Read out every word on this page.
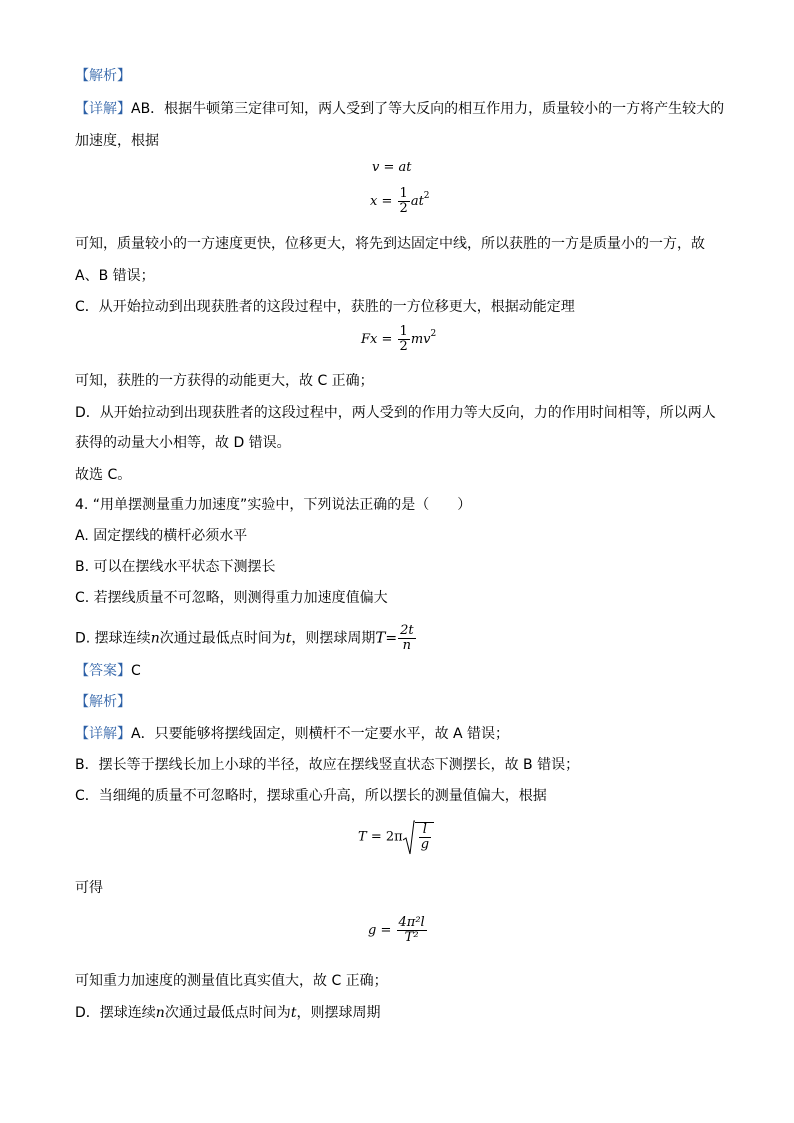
【解析】
【详解】AB．根据牛顿第三定律可知，两人受到了等大反向的相互作用力，质量较小的一方将产生较大的
加速度，根据
v = at
$x = \frac{1}{2} at^2$
可知，质量较小的一方速度更快，位移更大，将先到达固定中线，所以获胜的一方是质量小的一方，故
A、B 错误；
C．从开始拉动到出现获胜者的这段过程中，获胜的一方位移更大，根据动能定理
$Fx = \frac{1}{2} mv^2$
可知，获胜的一方获得的动能更大，故 C 正确；
D．从开始拉动到出现获胜者的这段过程中，两人受到的作用力等大反向，力的作用时间相等，所以两人
获得的动量大小相等，故 D 错误。
故选 C。
4. “用单摆测量重力加速度”实验中，下列说法正确的是（　　）
A. 固定摆线的横杆必须水平
B. 可以在摆线水平状态下测摆长
C. 若摆线质量不可忽略，则测得重力加速度值偏大
D. 摆球连续n次通过最低点时间为t，则摆球周期$T= \frac{2t}{n}$
【答案】C
【解析】
【详解】A．只要能够将摆线固定，则横杆不一定要水平，故 A 错误；
B．摆长等于摆线长加上小球的半径，故应在摆线竖直状态下测摆长，故 B 错误；
C．当细绳的质量不可忽略时，摆球重心升高，所以摆长的测量值偏大，根据
$T = 2\pi \frac{l}{g}$
可得
$g = \frac{\text{4π²l}}{\text{T²}}$
可知重力加速度的测量值比真实值大，故 C 正确；
D．摆球连续n次通过最低点时间为t，则摆球周期
